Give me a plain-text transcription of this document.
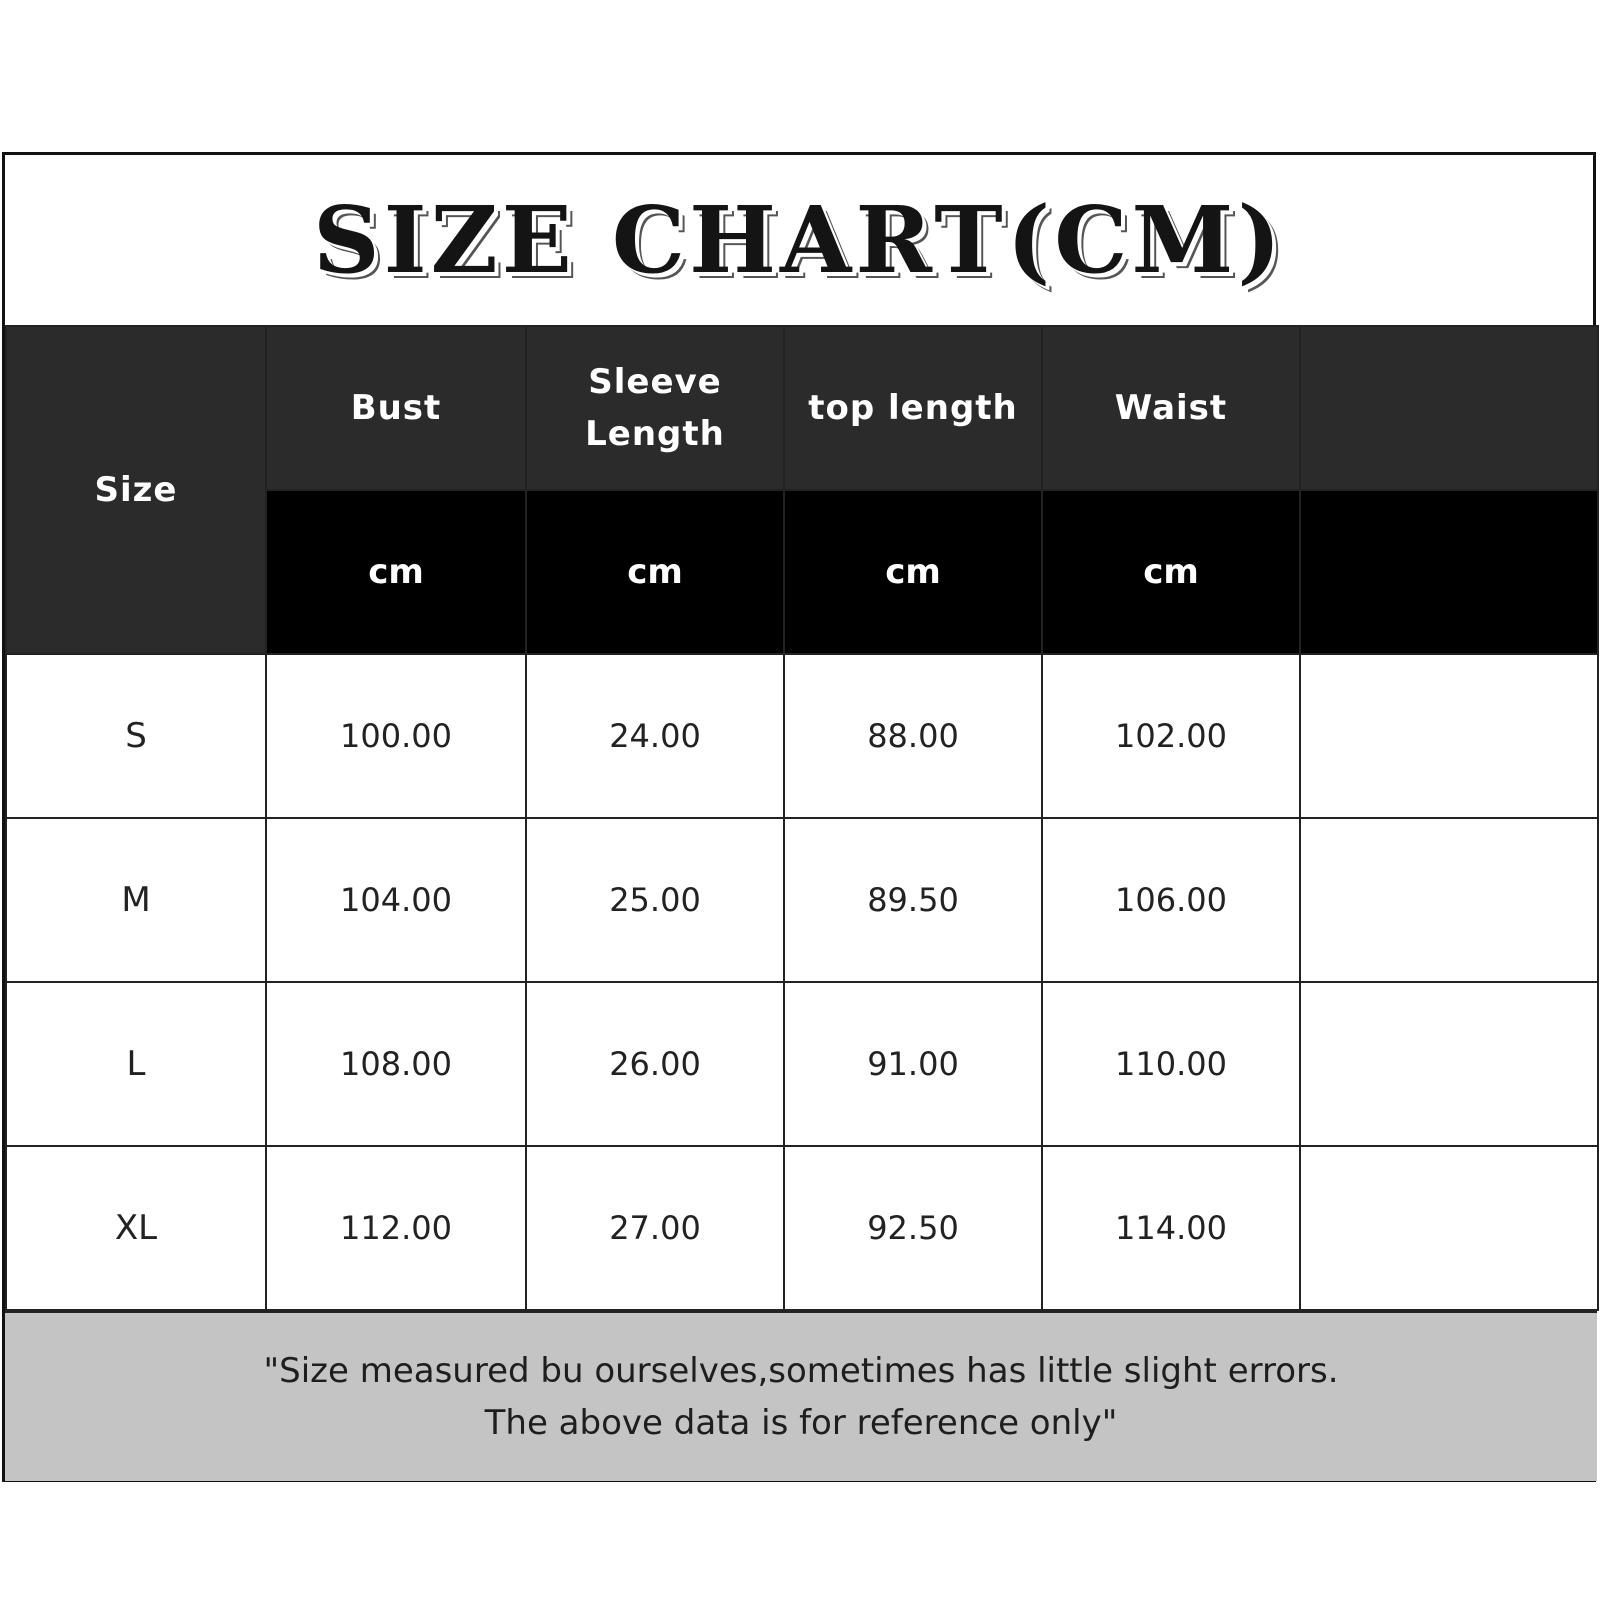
SIZE CHART(CM)
Size	Bust	Sleeve Length	top length	Waist	
	cm	cm	cm	cm	
S	100.00	24.00	88.00	102.00	
M	104.00	25.00	89.50	106.00	
L	108.00	26.00	91.00	110.00	
XL	112.00	27.00	92.50	114.00	
"Size measured bu ourselves,sometimes has little slight errors.
The above data is for reference only"
